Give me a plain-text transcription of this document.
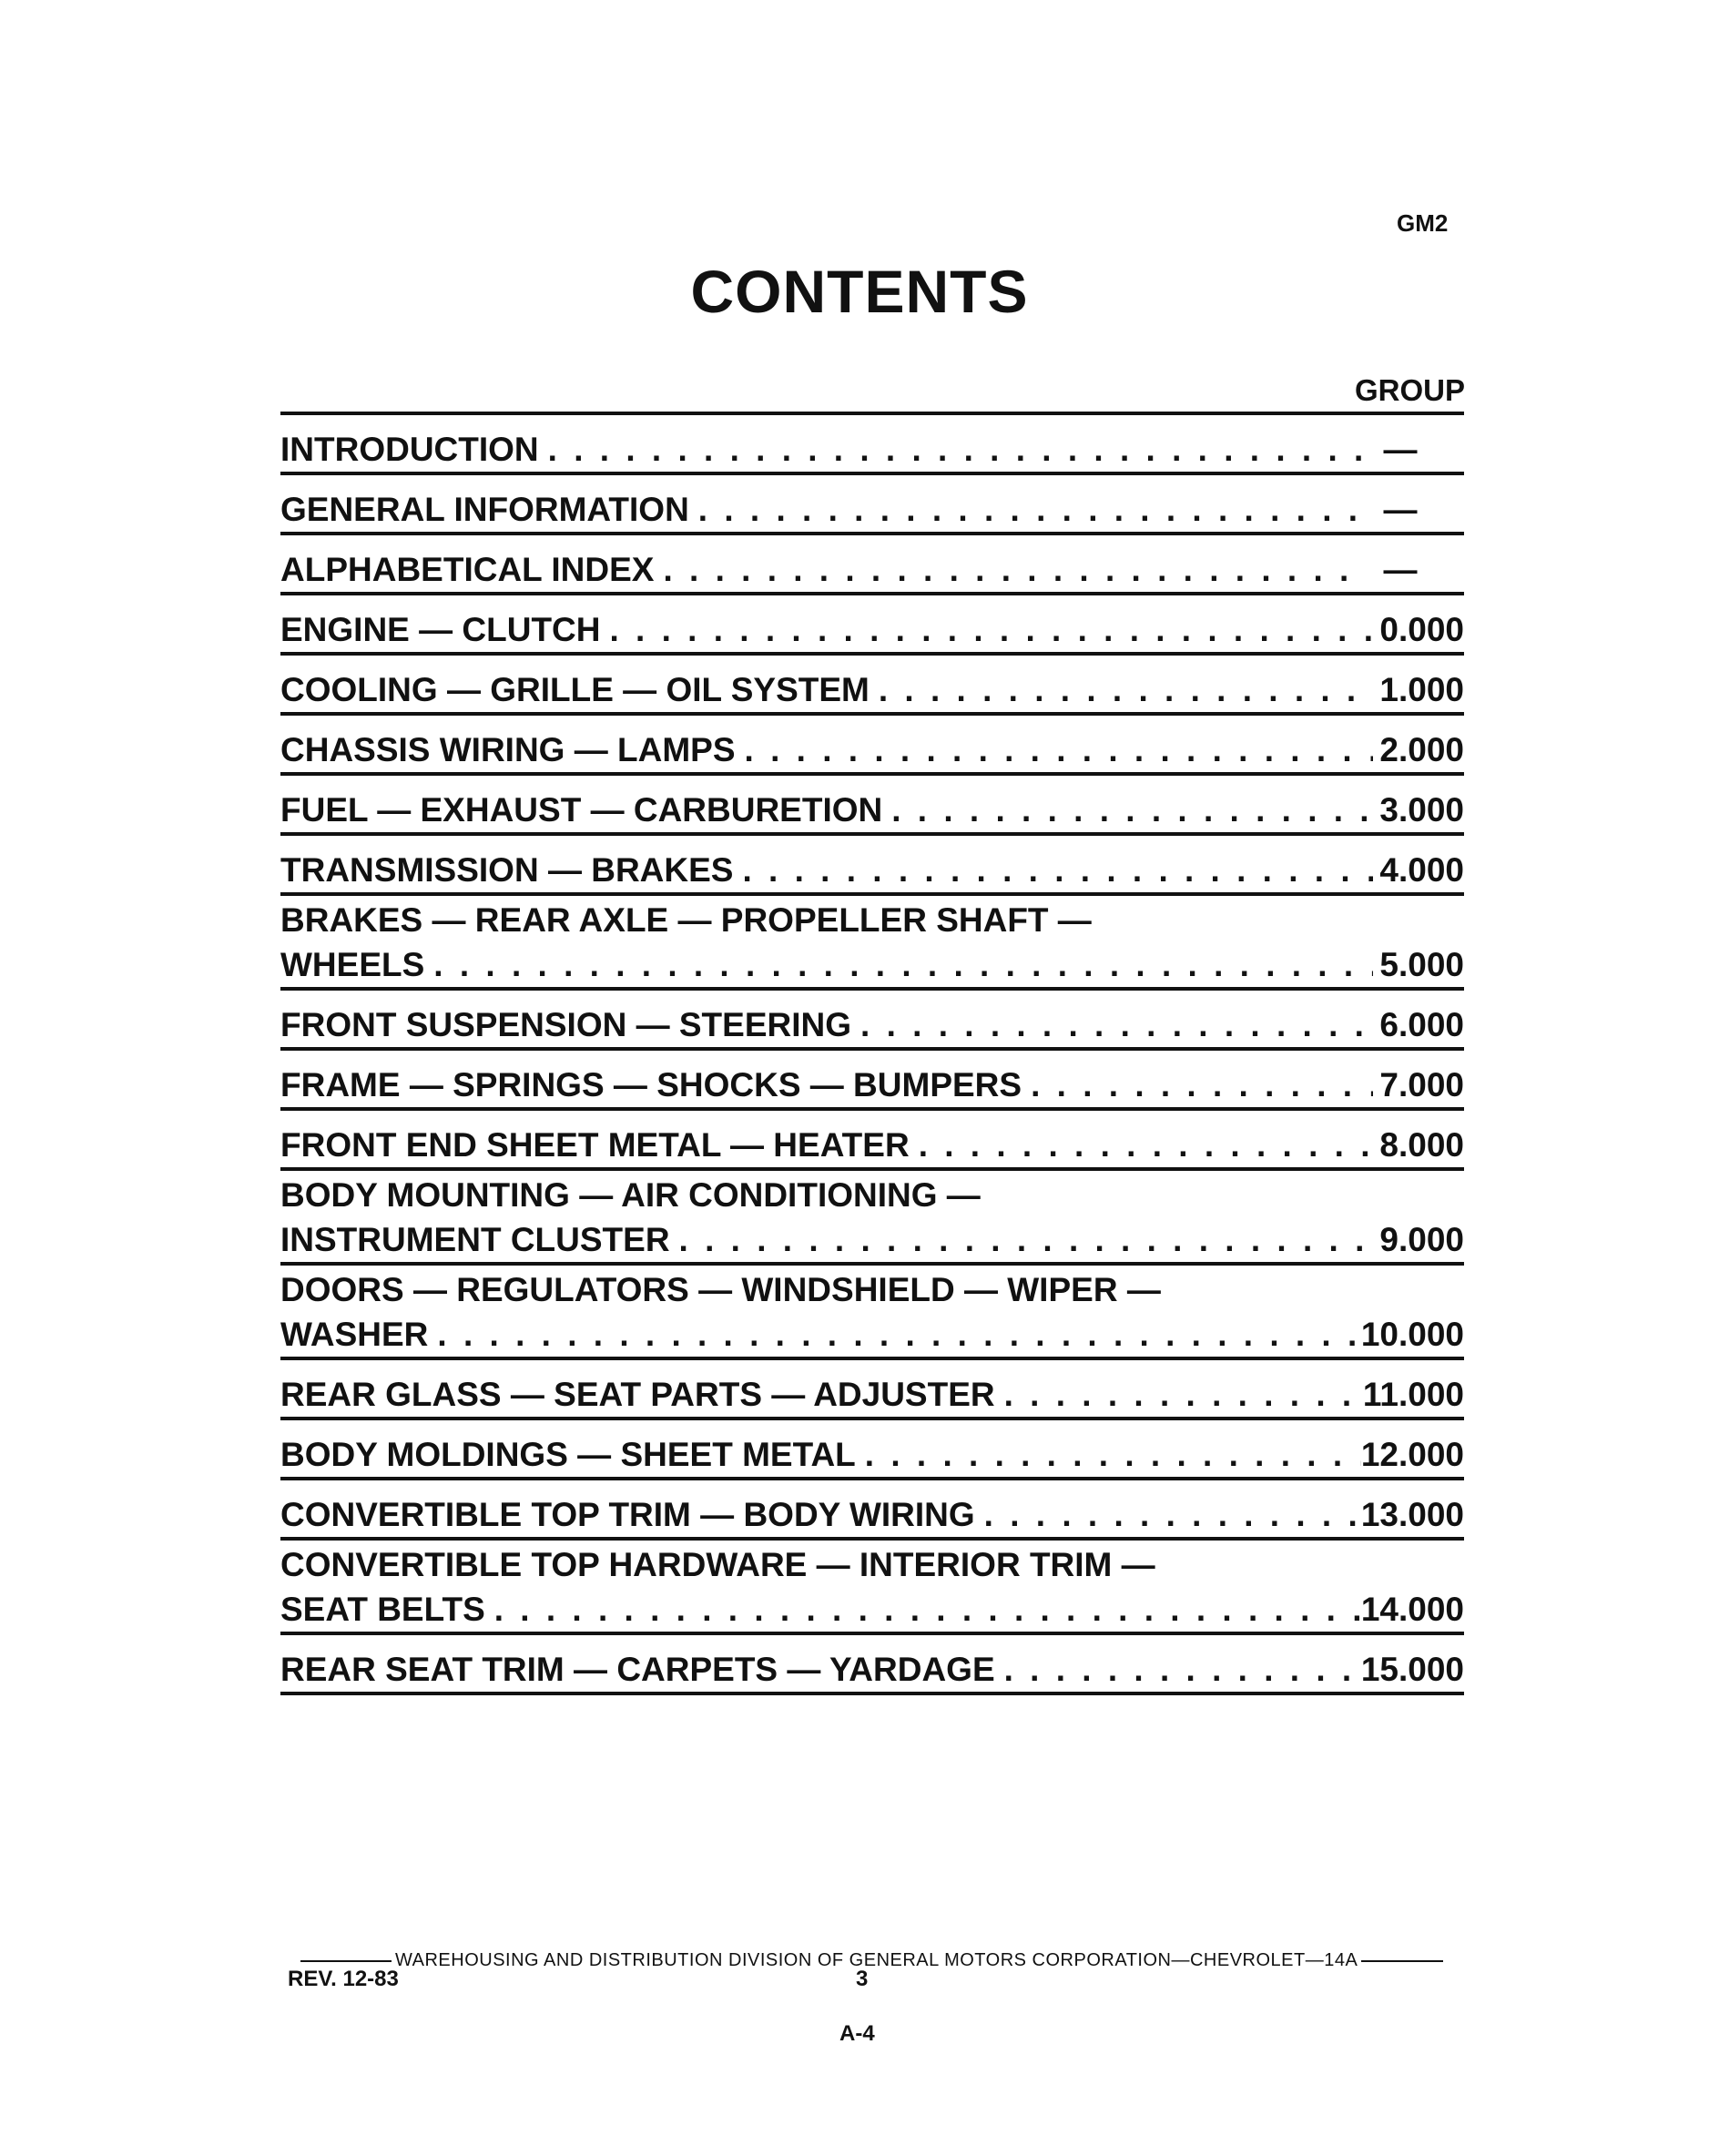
GM2
CONTENTS
GROUP
INTRODUCTION . . .	—
GENERAL INFORMATION . . .	—
ALPHABETICAL INDEX . . .	—
ENGINE — CLUTCH . . .	0.000
COOLING — GRILLE — OIL SYSTEM . . .	1.000
CHASSIS WIRING — LAMPS . . .	2.000
FUEL — EXHAUST — CARBURETION . . .	3.000
TRANSMISSION — BRAKES . . .	4.000
BRAKES — REAR AXLE — PROPELLER SHAFT —
WHEELS . . .	5.000
FRONT SUSPENSION — STEERING . . .	6.000
FRAME — SPRINGS — SHOCKS — BUMPERS . . .	7.000
FRONT END SHEET METAL — HEATER . . .	8.000
BODY MOUNTING — AIR CONDITIONING —
INSTRUMENT CLUSTER . . .	9.000
DOORS — REGULATORS — WINDSHIELD — WIPER —
WASHER . . .	10.000
REAR GLASS — SEAT PARTS — ADJUSTER . . .	11.000
BODY MOLDINGS — SHEET METAL . . .	12.000
CONVERTIBLE TOP TRIM — BODY WIRING . . .	13.000
CONVERTIBLE TOP HARDWARE — INTERIOR TRIM —
SEAT BELTS . . .	14.000
REAR SEAT TRIM — CARPETS — YARDAGE . . .	15.000
WAREHOUSING AND DISTRIBUTION DIVISION OF GENERAL MOTORS CORPORATION—CHEVROLET—14A
REV. 12-83	3
A-4
